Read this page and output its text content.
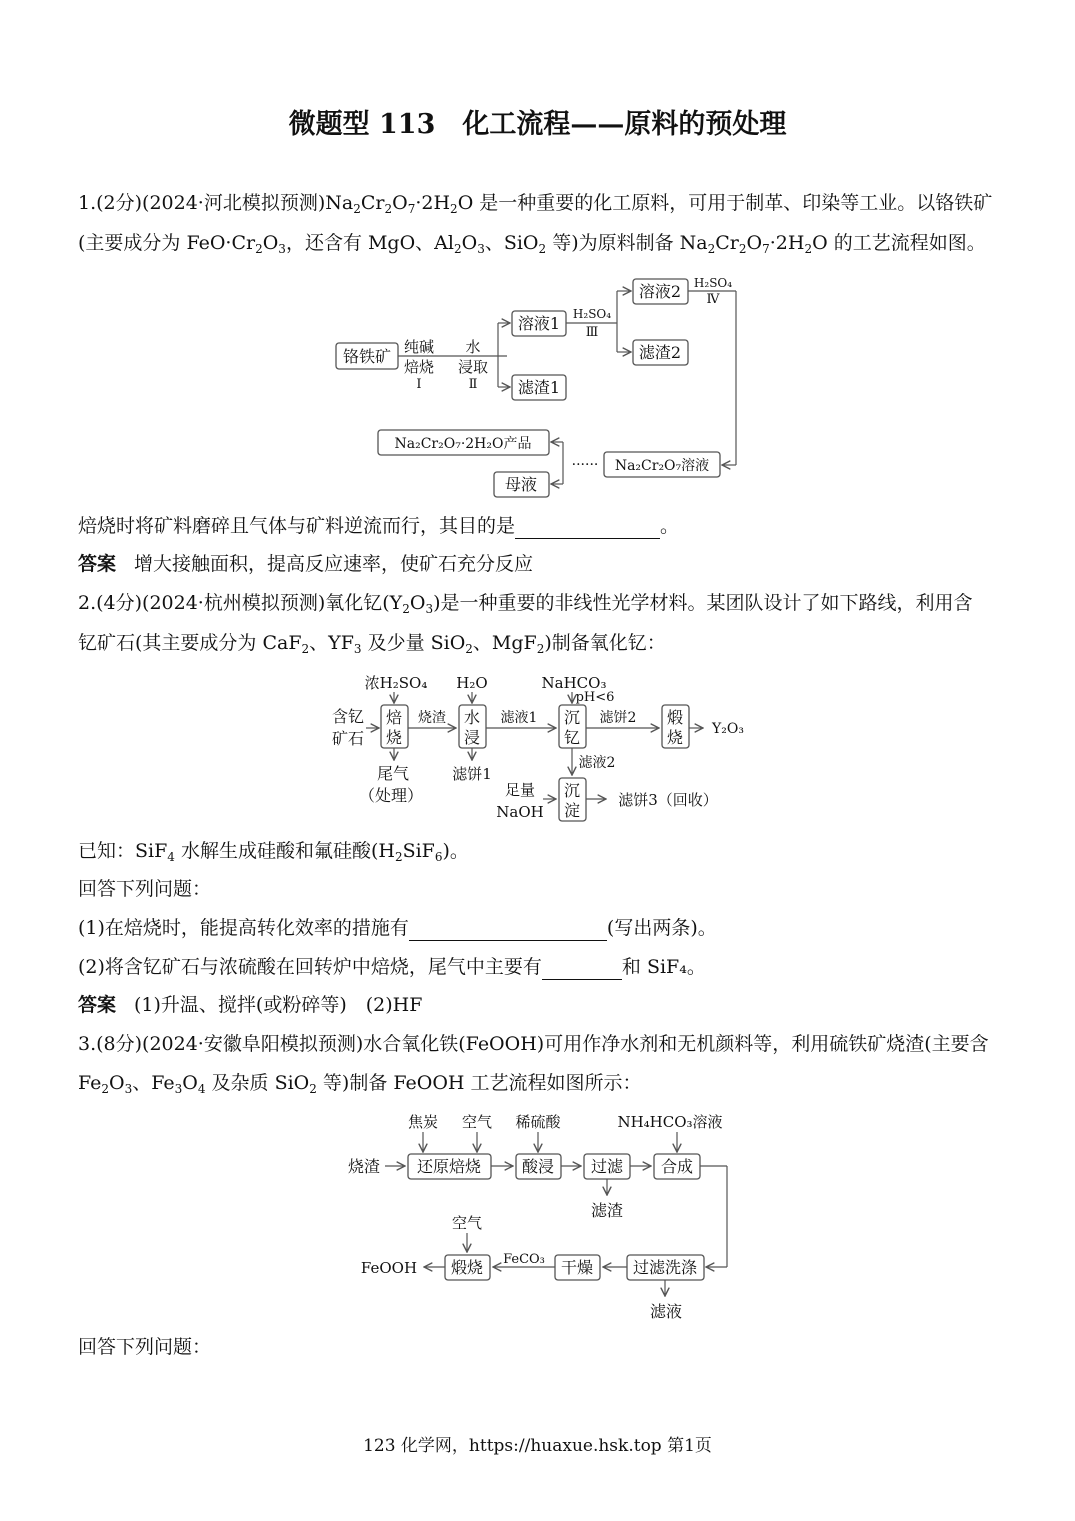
微题型 113　化工流程——原料的预处理
1.(2分)(2024·河北模拟预测)$Na_2Cr_2O_7\cdot 2H_2O$ 是一种重要的化工原料，可用于制革、印染等工业。以铬铁矿
(主要成分为 $FeO\cdot Cr_2O_3$，还含有 MgO、$Al_2O_3$、SiO$_2$ 等)为原料制备 $Na_2Cr_2O_7\cdot 2H_2O$ 的工艺流程如图。
铬铁矿 纯碱
焙烧
Ⅰ
水
浸取
Ⅱ
溶液1
滤渣1
H₂SO₄
Ⅲ
溶液2
滤渣2
H₂SO₄
Ⅳ
Na₂Cr₂O₇溶液
······
Na₂Cr₂O₇·2H₂O产品
母液
焙烧时将矿料磨碎且气体与矿料逆流而行，其目的是	。
答案 增大接触面积，提高反应速率，使矿石充分反应
2.(4分)(2024·杭州模拟预测)氧化钇$(Y_2O_3)$是一种重要的非线性光学材料。某团队设计了如下路线，利用含
钇矿石(其主要成分为 CaF$_2$、$YF_3$ 及少量 SiO$_2$、MgF$_2$)制备氧化钇：
浓H₂SO₄ H₂O	NaHCO₃
pH<6
含钇
矿石
焙
烧
烧渣 水
浸
滤液1 沉
钇
滤饼2 煅
烧 Y₂O₃
尾气
（处理）
滤饼1
滤液2
足量
NaOH
沉
淀
滤饼3（回收）
已知：SiF$_4$ 水解生成硅酸和氟硅酸$(H_2SiF_6)$。
回答下列问题：
(1)在焙烧时，能提高转化效率的措施有	(写出两条)。
(2)将含钇矿石与浓硫酸在回转炉中焙烧，尾气中主要有	和 SiF₄。
答案 (1)升温、搅拌(或粉碎等)　(2)HF
3.(8分)(2024·安徽阜阳模拟预测)水合氧化铁(FeOOH)可用作净水剂和无机颜料等，利用硫铁矿烧渣(主要含
$Fe_2O_3$、$Fe_3O_4$ 及杂质 SiO$_2$ 等)制备 FeOOH 工艺流程如图所示：
焦炭 空气 稀硫酸	NH₄HCO₃溶液
烧渣 还原焙烧	酸浸 过滤 合成
滤渣
空气
过滤洗涤
滤液
干燥
FeCO₃
煅烧
FeOOH
回答下列问题：
123 化学网，https://huaxue.hsk.top 第1页
